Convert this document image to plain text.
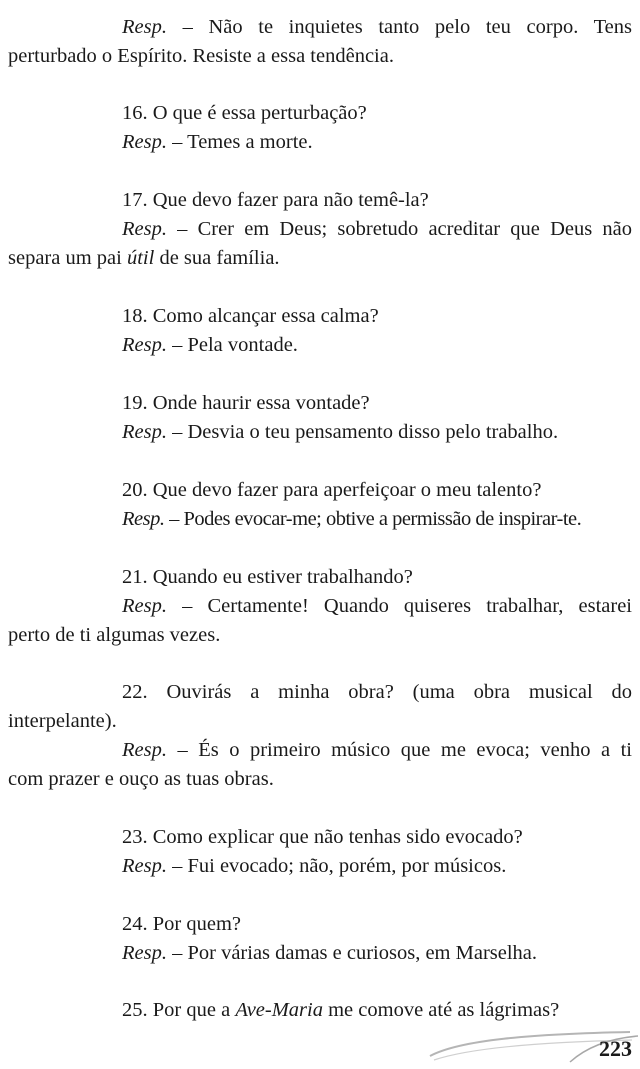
Resp. – Não te inquietes tanto pelo teu corpo. Tens
perturbado o Espírito. Resiste a essa tendência.
16. O que é essa perturbação?
Resp. – Temes a morte.
17. Que devo fazer para não temê-la?
Resp. – Crer em Deus; sobretudo acreditar que Deus não
separa um pai útil de sua família.
18. Como alcançar essa calma?
Resp. – Pela vontade.
19. Onde haurir essa vontade?
Resp. – Desvia o teu pensamento disso pelo trabalho.
20. Que devo fazer para aperfeiçoar o meu talento?
Resp. – Podes evocar-me; obtive a permissão de inspirar-te.
21. Quando eu estiver trabalhando?
Resp. – Certamente! Quando quiseres trabalhar, estarei
perto de ti algumas vezes.
22. Ouvirás a minha obra? (uma obra musical do
interpelante).
Resp. – És o primeiro músico que me evoca; venho a ti
com prazer e ouço as tuas obras.
23. Como explicar que não tenhas sido evocado?
Resp. – Fui evocado; não, porém, por músicos.
24. Por quem?
Resp. – Por várias damas e curiosos, em Marselha.
25. Por que a Ave-Maria me comove até as lágrimas?
223
